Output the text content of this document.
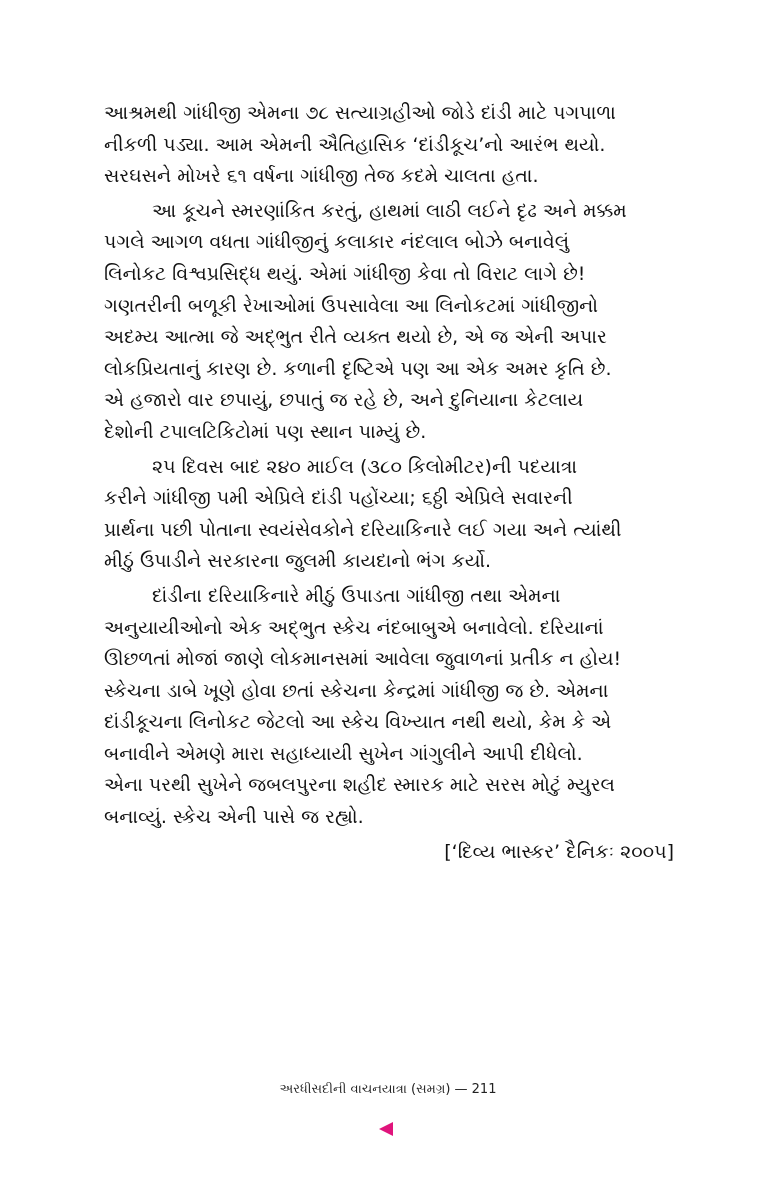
આશ્રમથી ગાંધીજી એમના ૭૮ સત્યાગ્રહીઓ જોડે દાંડી માટે પગપાળા
નીકળી પડ્યા. આમ એમની ઐતિહાસિક ‘દાંડીકૂચ’નો આરંભ થયો.
સરઘસને મોખરે ૬૧ વર્ષના ગાંધીજી તેજ કદમે ચાલતા હતા.

આ કૂચને સ્મરણાંકિત કરતું, હાથમાં લાઠી લઈને દૃઢ અને મક્કમ
પગલે આગળ વધતા ગાંધીજીનું કલાકાર નંદલાલ બોઝે બનાવેલું
લિનોકટ વિશ્વપ્રસિદ્ધ થયું. એમાં ગાંધીજી કેવા તો વિરાટ લાગે છે!
ગણતરીની બળૂકી રેખાઓમાં ઉપસાવેલા આ લિનોકટમાં ગાંધીજીનો
અદમ્ય આત્મા જે અદ્ભુત રીતે વ્યક્ત થયો છે, એ જ એની અપાર
લોકપ્રિયતાનું કારણ છે. કળાની દૃષ્ટિએ પણ આ એક અમર કૃતિ છે.
એ હજારો વાર છપાયું, છપાતું જ રહે છે, અને દુનિયાના કેટલાય
દેશોની ટપાલટિકિટોમાં પણ સ્થાન પામ્યું છે.

૨૫ દિવસ બાદ ૨૪૦ માઈલ (૩૮૦ કિલોમીટર)ની પદયાત્રા
કરીને ગાંધીજી ૫મી એપ્રિલે દાંડી પહોંચ્યા; ૬ઠ્ઠી એપ્રિલે સવારની
પ્રાર્થના પછી પોતાના સ્વયંસેવકોને દરિયાકિનારે લઈ ગયા અને ત્યાંથી
મીઠું ઉપાડીને સરકારના જુલમી કાયદાનો ભંગ કર્યો.

દાંડીના દરિયાકિનારે મીઠું ઉપાડતા ગાંધીજી તથા એમના
અનુયાયીઓનો એક અદ્ભુત સ્કેચ નંદબાબુએ બનાવેલો. દરિયાનાં
ઊછળતાં મોજાં જાણે લોકમાનસમાં આવેલા જુવાળનાં પ્રતીક ન હોય!
સ્કેચના ડાબે ખૂણે હોવા છતાં સ્કેચના કેન્દ્રમાં ગાંધીજી જ છે. એમના
દાંડીકૂચના લિનોકટ જેટલો આ સ્કેચ વિખ્યાત નથી થયો, કેમ કે એ
બનાવીને એમણે મારા સહાધ્યાયી સુખેન ગાંગુલીને આપી દીધેલો.
એના પરથી સુખેને જબલપુરના શહીદ સ્મારક માટે સરસ મોટું મ્યુરલ
બનાવ્યું. સ્કેચ એની પાસે જ રહ્યો.

[‘દિવ્ય ભાસ્કર’ દૈનિકઃ ૨૦૦૫]
અરધીસદીની વાચનયાત્રા (સમગ્ર) — 211
